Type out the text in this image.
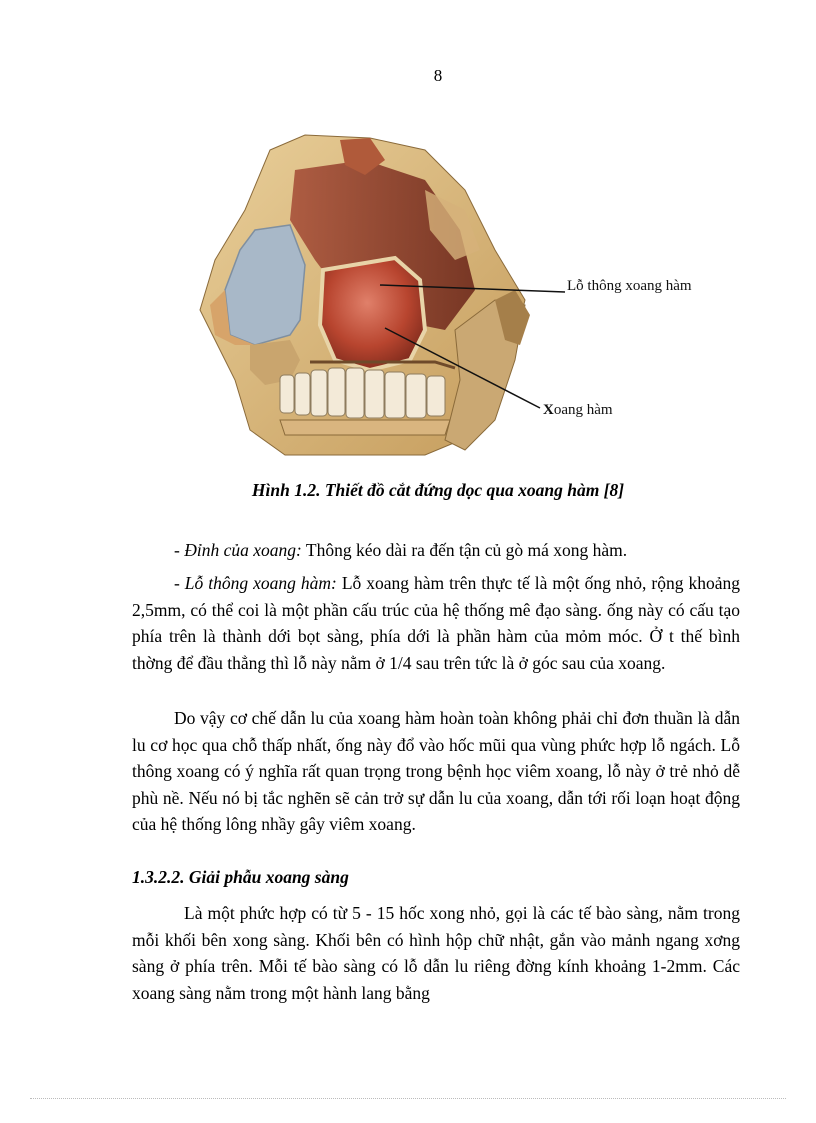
8
Lỗ thông xoang hàm
Xoang hàm
Hình 1.2. Thiết đồ cắt đứng dọc qua xoang hàm [8]
- Đỉnh của xoang: Thông kéo dài ra đến tận củ gò má xong hàm.
- Lỗ thông xoang hàm: Lỗ xoang hàm trên thực tế là một ống nhỏ, rộng khoảng 2,5mm, có thể coi là một phần cấu trúc của hệ thống mê đạo sàng. ống này có cấu tạo phía trên là thành dới bọt sàng, phía dới là phần hàm của mỏm móc. Ở t thế bình thờng để đầu thẳng thì lỗ này nằm ở 1/4 sau trên tức là ở góc sau của xoang.
Do vậy cơ chế dẫn lu của xoang hàm hoàn toàn không phải chỉ đơn thuần là dẫn lu cơ học qua chỗ thấp nhất, ống này đổ vào hốc mũi qua vùng phức hợp lỗ ngách. Lỗ thông xoang có ý nghĩa rất quan trọng trong bệnh học viêm xoang, lỗ này ở trẻ nhỏ dễ phù nề. Nếu nó bị tắc nghẽn sẽ cản trở sự dẫn lu của xoang, dẫn tới rối loạn hoạt động của hệ thống lông nhầy gây viêm xoang.
1.3.2.2. Giải phẫu xoang sàng
Là một phức hợp có từ 5 - 15 hốc xong nhỏ, gọi là các tế bào sàng, nằm trong mỗi khối bên xong sàng. Khối bên có hình hộp chữ nhật, gắn vào mảnh ngang xơng sàng ở phía trên. Mỗi tế bào sàng có lỗ dẫn lu riêng đờng kính khoảng 1-2mm. Các xoang sàng nằm trong một hành lang bằng
